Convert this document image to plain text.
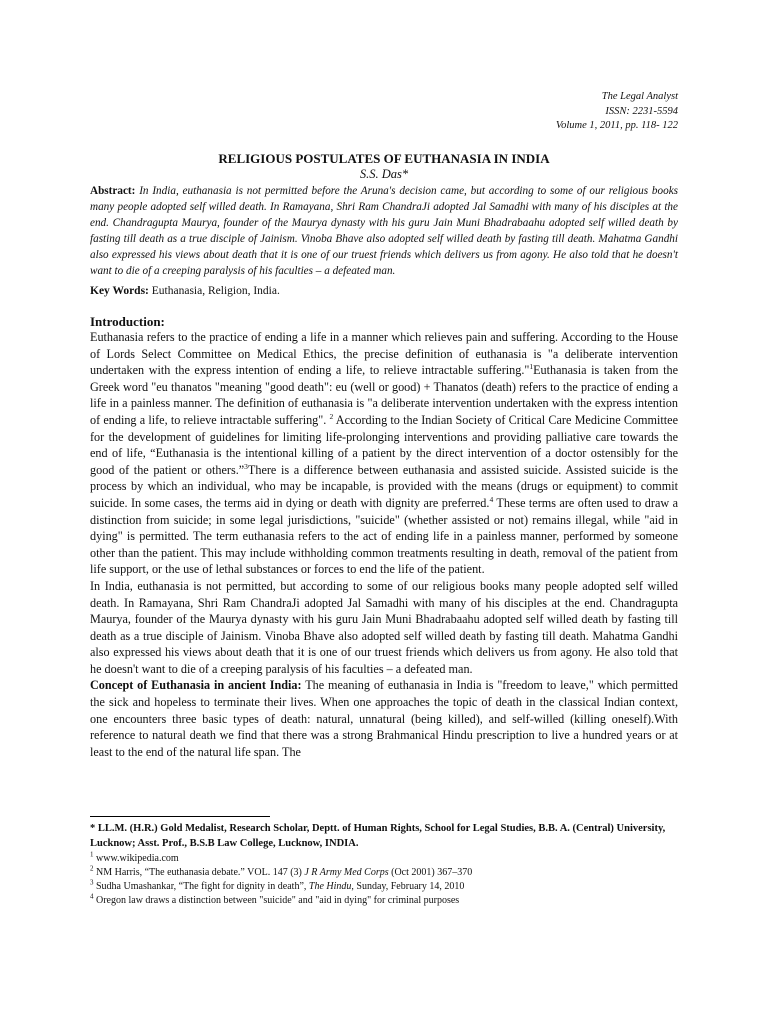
The Legal Analyst
ISSN: 2231-5594
Volume 1, 2011, pp. 118- 122
RELIGIOUS POSTULATES OF EUTHANASIA IN INDIA
S.S. Das*
Abstract: In India, euthanasia is not permitted before the Aruna's decision came, but according to some of our religious books many people adopted self willed death. In Ramayana, Shri Ram ChandraJi adopted Jal Samadhi with many of his disciples at the end. Chandragupta Maurya, founder of the Maurya dynasty with his guru Jain Muni Bhadrabaahu adopted self willed death by fasting till death as a true disciple of Jainism. Vinoba Bhave also adopted self willed death by fasting till death. Mahatma Gandhi also expressed his views about death that it is one of our truest friends which delivers us from agony. He also told that he doesn't want to die of a creeping paralysis of his faculties – a defeated man.
Key Words: Euthanasia, Religion, India.
Introduction:

Euthanasia refers to the practice of ending a life in a manner which relieves pain and suffering. According to the House of Lords Select Committee on Medical Ethics, the precise definition of euthanasia is "a deliberate intervention undertaken with the express intention of ending a life, to relieve intractable suffering."$^1$Euthanasia is taken from the Greek word "eu thanatos "meaning "good death": eu (well or good) + Thanatos (death) refers to the practice of ending a life in a painless manner. The definition of euthanasia is "a deliberate intervention undertaken with the express intention of ending a life, to relieve intractable suffering". $^2$ According to the Indian Society of Critical Care Medicine Committee for the development of guidelines for limiting life-prolonging interventions and providing palliative care towards the end of life, “Euthanasia is the intentional killing of a patient by the direct intervention of a doctor ostensibly for the good of the patient or others.”$^3$There is a difference between euthanasia and assisted suicide. Assisted suicide is the process by which an individual, who may be incapable, is provided with the means (drugs or equipment) to commit suicide. In some cases, the terms aid in dying or death with dignity are preferred.$^4$ These terms are often used to draw a distinction from suicide; in some legal jurisdictions, "suicide" (whether assisted or not) remains illegal, while "aid in dying" is permitted. The term euthanasia refers to the act of ending life in a painless manner, performed by someone other than the patient. This may include withholding common treatments resulting in death, removal of the patient from life support, or the use of lethal substances or forces to end the life of the patient.

In India, euthanasia is not permitted, but according to some of our religious books many people adopted self willed death. In Ramayana, Shri Ram ChandraJi adopted Jal Samadhi with many of his disciples at the end. Chandragupta Maurya, founder of the Maurya dynasty with his guru Jain Muni Bhadrabaahu adopted self willed death by fasting till death as a true disciple of Jainism. Vinoba Bhave also adopted self willed death by fasting till death. Mahatma Gandhi also expressed his views about death that it is one of our truest friends which delivers us from agony. He also told that he doesn't want to die of a creeping paralysis of his faculties – a defeated man.

Concept of Euthanasia in ancient India: The meaning of euthanasia in India is "freedom to leave," which permitted the sick and hopeless to terminate their lives. When one approaches the topic of death in the classical Indian context, one encounters three basic types of death: natural, unnatural (being killed), and self-willed (killing oneself).With reference to natural death we find that there was a strong Brahmanical Hindu prescription to live a hundred years or at least to the end of the natural life span. The

* LL.M. (H.R.) Gold Medalist, Research Scholar, Deptt. of Human Rights, School for Legal Studies, B.B. A. (Central) University, Lucknow; Asst. Prof., B.S.B Law College, Lucknow, INDIA.
$^1$ www.wikipedia.com
$^2$ NM Harris, “The euthanasia debate.” VOL. 147 (3) J R Army Med Corps (Oct 2001) 367–370
$^3$ Sudha Umashankar, “The fight for dignity in death”, The Hindu, Sunday, February 14, 2010
$^4$ Oregon law draws a distinction between "suicide" and "aid in dying" for criminal purposes
